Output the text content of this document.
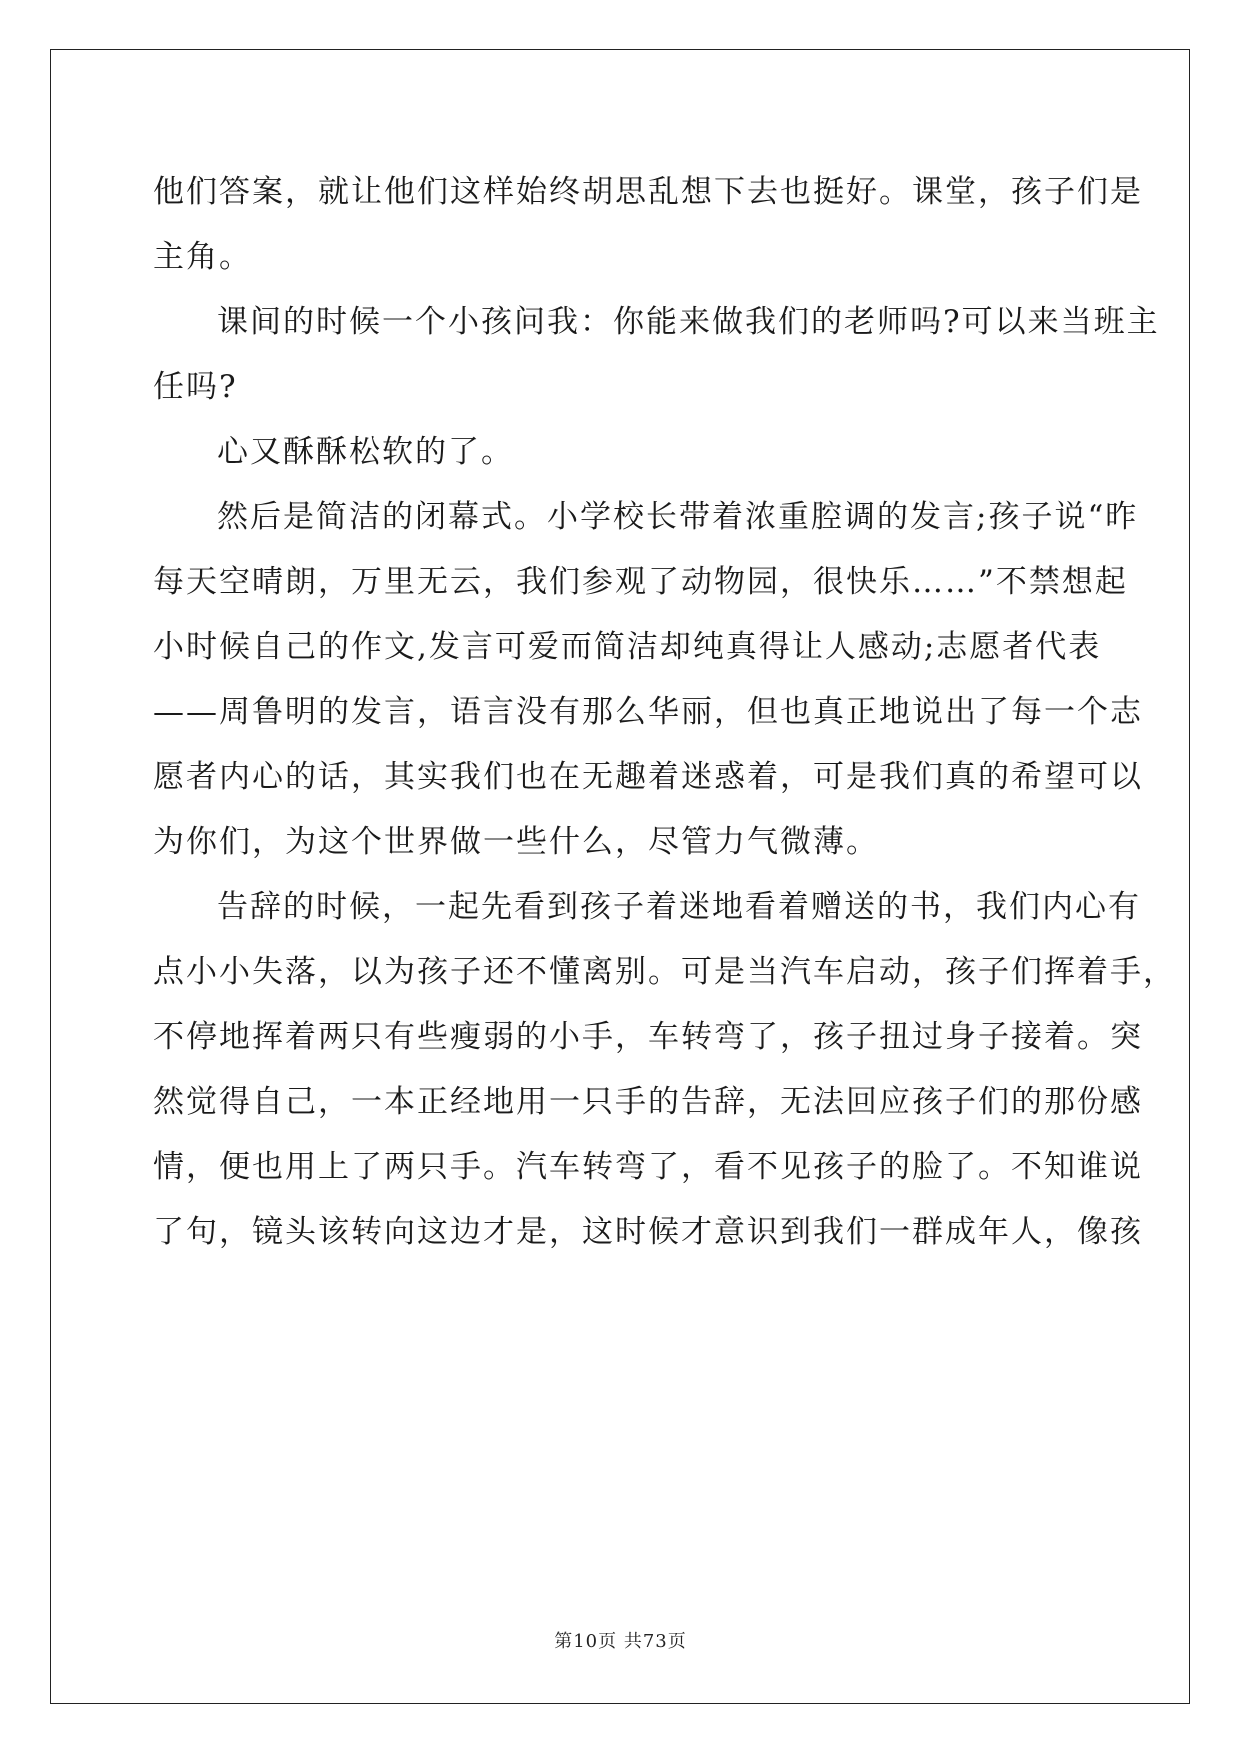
他们答案，就让他们这样始终胡思乱想下去也挺好。课堂，孩子们是
主角。
课间的时候一个小孩问我：你能来做我们的老师吗?可以来当班主
任吗?
心又酥酥松软的了。
然后是简洁的闭幕式。小学校长带着浓重腔调的发言;孩子说“昨
每天空晴朗，万里无云，我们参观了动物园，很快乐……”不禁想起
小时候自己的作文,发言可爱而简洁却纯真得让人感动;志愿者代表
——周鲁明的发言，语言没有那么华丽，但也真正地说出了每一个志
愿者内心的话，其实我们也在无趣着迷惑着，可是我们真的希望可以
为你们，为这个世界做一些什么，尽管力气微薄。
告辞的时候，一起先看到孩子着迷地看着赠送的书，我们内心有
点小小失落，以为孩子还不懂离别。可是当汽车启动，孩子们挥着手，
不停地挥着两只有些瘦弱的小手，车转弯了，孩子扭过身子接着。突
然觉得自己，一本正经地用一只手的告辞，无法回应孩子们的那份感
情，便也用上了两只手。汽车转弯了，看不见孩子的脸了。不知谁说
了句，镜头该转向这边才是，这时候才意识到我们一群成年人，像孩
第10页 共73页
